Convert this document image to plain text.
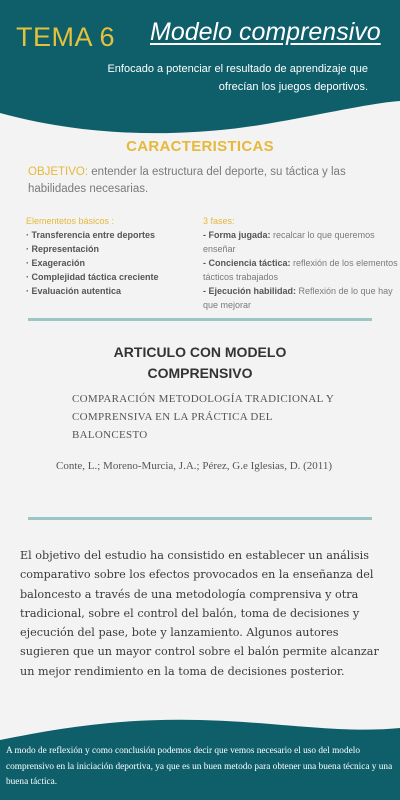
TEMA 6 Modelo comprensivo
Enfocado a potenciar el resultado de aprendizaje que ofrecían los juegos deportivos.
CARACTERISTICAS
OBJETIVO: entender la estructura del deporte, su táctica y las habilidades necesarias.
Elementetos básicos :
· Transferencia entre deportes
· Representación
· Exageración
· Complejidad táctica creciente
· Evaluación autentica
3 fases:
- Forma jugada: recalcar lo que queremos enseñar
- Conciencia táctica: reflexión de los elementos tácticos trabajados
- Ejecución habilidad: Reflexión de lo que hay que mejorar
ARTICULO CON MODELO
COMPRENSIVO
COMPARACIÓN METODOLOGÍA TRADICIONAL Y COMPRENSIVA EN LA PRÁCTICA DEL BALONCESTO
Conte, L.; Moreno-Murcia, J.A.; Pérez, G.e Iglesias, D. (2011)
El objetivo del estudio ha consistido en establecer un análisis comparativo sobre los efectos provocados en la enseñanza del baloncesto a través de una metodología comprensiva y otra tradicional, sobre el control del balón, toma de decisiones y ejecución del pase, bote y lanzamiento. Algunos autores sugieren que un mayor control sobre el balón permite alcanzar un mejor rendimiento en la toma de decisiones posterior.
A modo de reflexión y como conclusión podemos decir que vemos necesario el uso del modelo comprensivo en la iniciación deportiva, ya que es un buen metodo para obtener una buena técnica y una buena táctica.
